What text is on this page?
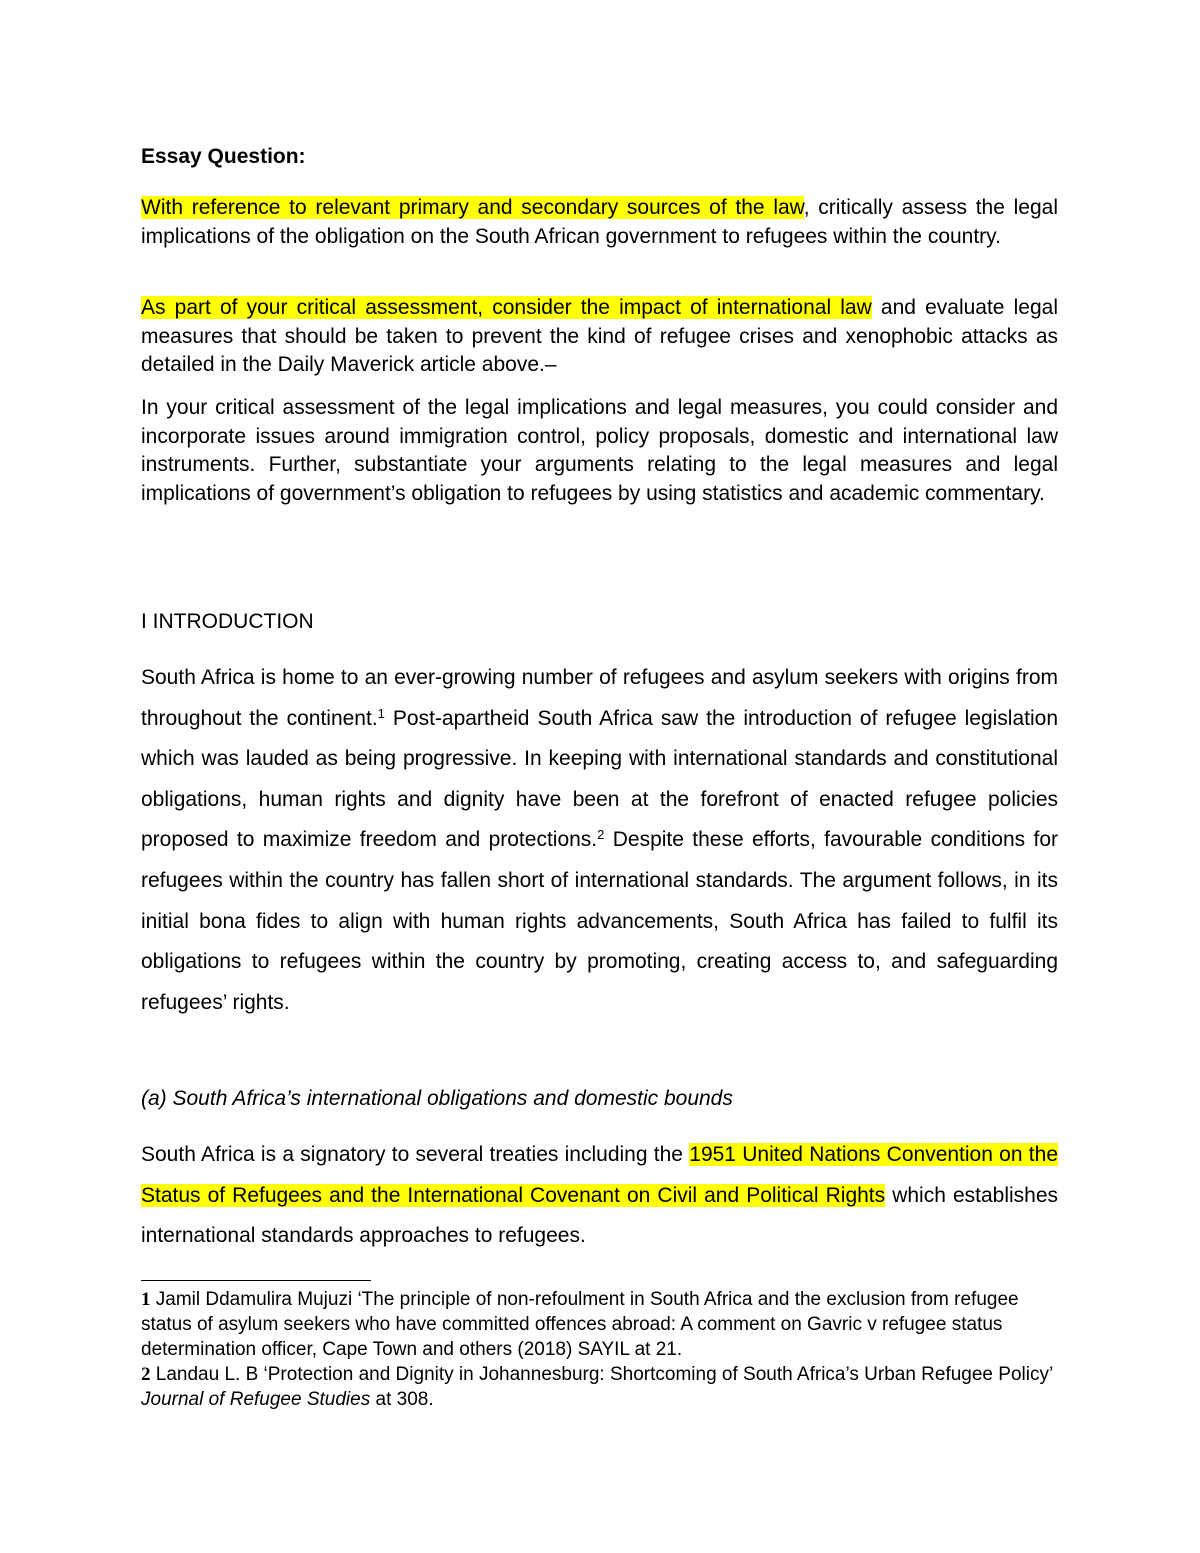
Essay Question:

With reference to relevant primary and secondary sources of the law, critically assess the legal implications of the obligation on the South African government to refugees within the country.

As part of your critical assessment, consider the impact of international law and evaluate legal measures that should be taken to prevent the kind of refugee crises and xenophobic attacks as detailed in the Daily Maverick article above.–

In your critical assessment of the legal implications and legal measures, you could consider and incorporate issues around immigration control, policy proposals, domestic and international law instruments. Further, substantiate your arguments relating to the legal measures and legal implications of government’s obligation to refugees by using statistics and academic commentary.

I INTRODUCTION

South Africa is home to an ever-growing number of refugees and asylum seekers with origins from throughout the continent.$^1$ Post-apartheid South Africa saw the introduction of refugee legislation which was lauded as being progressive. In keeping with international standards and constitutional obligations, human rights and dignity have been at the forefront of enacted refugee policies proposed to maximize freedom and protections.$^2$ Despite these efforts, favourable conditions for refugees within the country has fallen short of international standards. The argument follows, in its initial bona fides to align with human rights advancements, South Africa has failed to fulfil its obligations to refugees within the country by promoting, creating access to, and safeguarding refugees’ rights.

(a) South Africa’s international obligations and domestic bounds

South Africa is a signatory to several treaties including the 1951 United Nations Convention on the Status of Refugees and the International Covenant on Civil and Political Rights which establishes international standards approaches to refugees.

1 Jamil Ddamulira Mujuzi ‘The principle of non-refoulment in South Africa and the exclusion from refugee status of asylum seekers who have committed offences abroad: A comment on Gavric v refugee status determination officer, Cape Town and others (2018) SAYIL at 21.

2 Landau L. B ‘Protection and Dignity in Johannesburg: Shortcoming of South Africa’s Urban Refugee Policy’ Journal of Refugee Studies at 308.
